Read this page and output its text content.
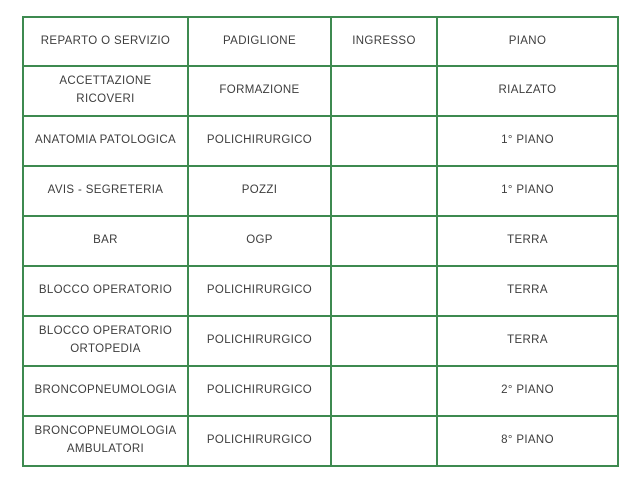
REPARTO O SERVIZIO	PADIGLIONE	INGRESSO	PIANO
ACCETTAZIONE RICOVERI	FORMAZIONE		RIALZATO
ANATOMIA PATOLOGICA	POLICHIRURGICO		1° PIANO
AVIS - SEGRETERIA	POZZI		1° PIANO
BAR	OGP		TERRA
BLOCCO OPERATORIO	POLICHIRURGICO		TERRA
BLOCCO OPERATORIO ORTOPEDIA	POLICHIRURGICO		TERRA
BRONCOPNEUMOLOGIA	POLICHIRURGICO		2° PIANO
BRONCOPNEUMOLOGIA AMBULATORI	POLICHIRURGICO		8° PIANO
